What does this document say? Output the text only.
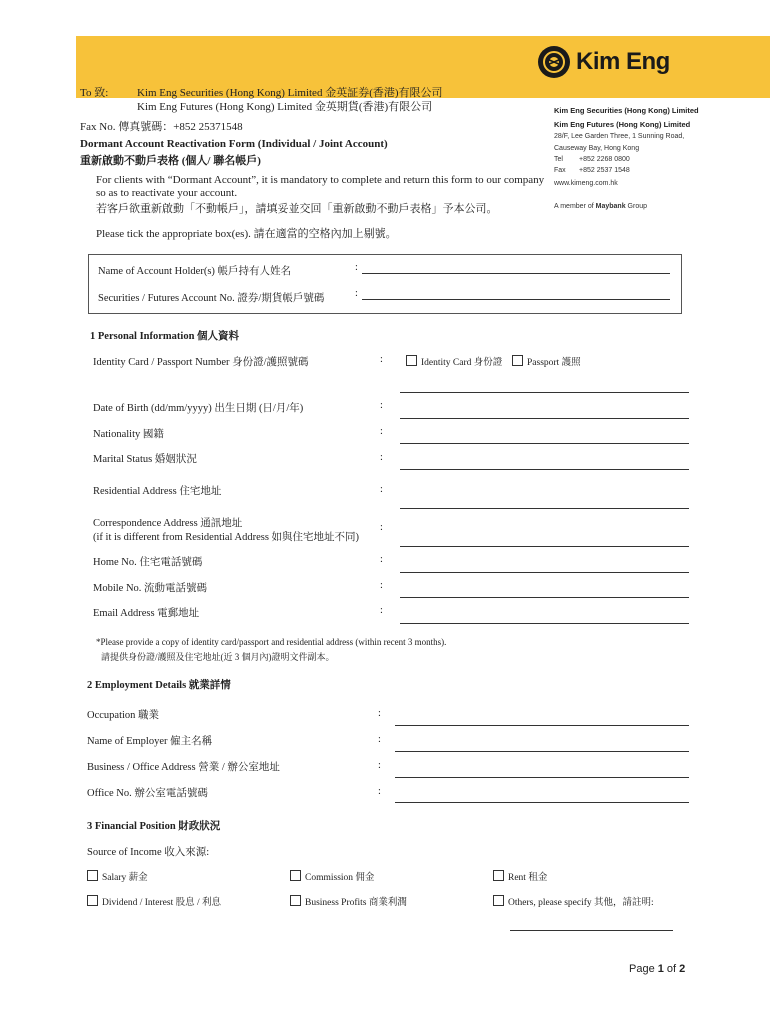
Kim Eng
To 致:	Kim Eng Securities (Hong Kong) Limited 金英証券(香港)有限公司
Kim Eng Futures (Hong Kong) Limited 金英期貨(香港)有限公司
Fax No. 傳真號碼：+852 25371548
Kim Eng Securities (Hong Kong) Limited
Kim Eng Futures (Hong Kong) Limited
28/F, Lee Garden Three, 1 Sunning Road,
Causeway Bay, Hong Kong
Tel +852 2268 0800
Fax +852 2537 1548
www.kimeng.com.hk
A member of Maybank Group
Dormant Account Reactivation Form (Individual / Joint Account)
重新啟動不動戶表格 (個人/ 聯名帳戶)
For clients with “Dormant Account”, it is mandatory to complete and return this form to our company
so as to reactivate your account.
若客戶欲重新啟動「不動帳戶」，請填妥並交回「重新啟動不動戶表格」予本公司。
Please tick the appropriate box(es). 請在適當的空格內加上剔號。
Name of Account Holder(s) 帳戶持有人姓名	:
Securities / Futures Account No. 證券/期貨帳戶號碼	:
1 Personal Information 個人資料
Identity Card / Passport Number 身份證/護照號碼	:	Identity Card 身份證	Passport 護照
Date of Birth (dd/mm/yyyy) 出生日期 (日/月/年)	:
Nationality 國籍	:
Marital Status 婚姻狀況	:
Residential Address 住宅地址	:
Correspondence Address 通訊地址
(if it is different from Residential Address 如與住宅地址不同)
:
Home No. 住宅電話號碼	:
Mobile No. 流動電話號碼	:
Email Address 電郵地址	:
*Please provide a copy of identity card/passport and residential address (within recent 3 months).
請提供身份證/護照及住宅地址(近 3 個月內)證明文件副本。
2 Employment Details 就業詳情
Occupation 職業	:
Name of Employer 僱主名稱	:
Business / Office Address 營業 / 辦公室地址	:
Office No. 辦公室電話號碼	:
3 Financial Position 財政狀況
Source of Income 收入來源:
Salary 薪金	Commission 佣金	Rent 租金
Dividend / Interest 股息 / 利息	Business Profits 商業利潤	Others, please specify 其他，請註明:
Page 1 of 2
